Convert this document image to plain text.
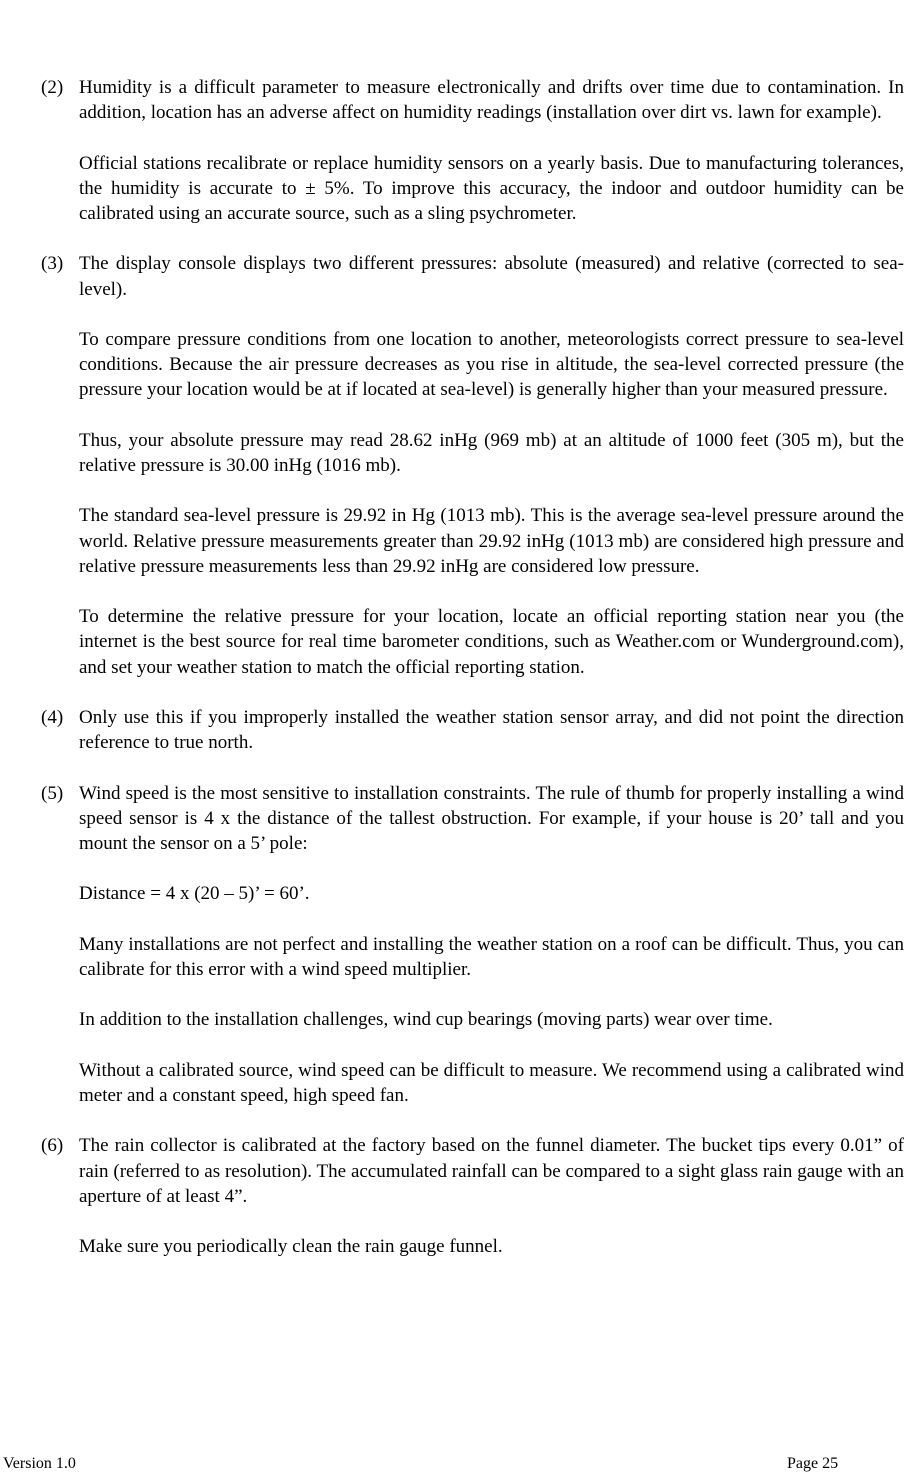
(2) Humidity is a difficult parameter to measure electronically and drifts over time due to contamination. In addition, location has an adverse affect on humidity readings (installation over dirt vs. lawn for example).

Official stations recalibrate or replace humidity sensors on a yearly basis. Due to manufacturing tolerances, the humidity is accurate to ± 5%. To improve this accuracy, the indoor and outdoor humidity can be calibrated using an accurate source, such as a sling psychrometer.

(3) The display console displays two different pressures: absolute (measured) and relative (corrected to sea-level).

To compare pressure conditions from one location to another, meteorologists correct pressure to sea-level conditions. Because the air pressure decreases as you rise in altitude, the sea-level corrected pressure (the pressure your location would be at if located at sea-level) is generally higher than your measured pressure.

Thus, your absolute pressure may read 28.62 inHg (969 mb) at an altitude of 1000 feet (305 m), but the relative pressure is 30.00 inHg (1016 mb).

The standard sea-level pressure is 29.92 in Hg (1013 mb). This is the average sea-level pressure around the world. Relative pressure measurements greater than 29.92 inHg (1013 mb) are considered high pressure and relative pressure measurements less than 29.92 inHg are considered low pressure.

To determine the relative pressure for your location, locate an official reporting station near you (the internet is the best source for real time barometer conditions, such as Weather.com or Wunderground.com), and set your weather station to match the official reporting station.

(4) Only use this if you improperly installed the weather station sensor array, and did not point the direction reference to true north.

(5) Wind speed is the most sensitive to installation constraints. The rule of thumb for properly installing a wind speed sensor is 4 x the distance of the tallest obstruction. For example, if your house is 20’ tall and you mount the sensor on a 5’ pole:

Distance = 4 x (20 – 5)’ = 60’.

Many installations are not perfect and installing the weather station on a roof can be difficult. Thus, you can calibrate for this error with a wind speed multiplier.

In addition to the installation challenges, wind cup bearings (moving parts) wear over time.

Without a calibrated source, wind speed can be difficult to measure. We recommend using a calibrated wind meter and a constant speed, high speed fan.

(6) The rain collector is calibrated at the factory based on the funnel diameter. The bucket tips every 0.01” of rain (referred to as resolution). The accumulated rainfall can be compared to a sight glass rain gauge with an aperture of at least 4”.

Make sure you periodically clean the rain gauge funnel.

Version 1.0	Page 25
